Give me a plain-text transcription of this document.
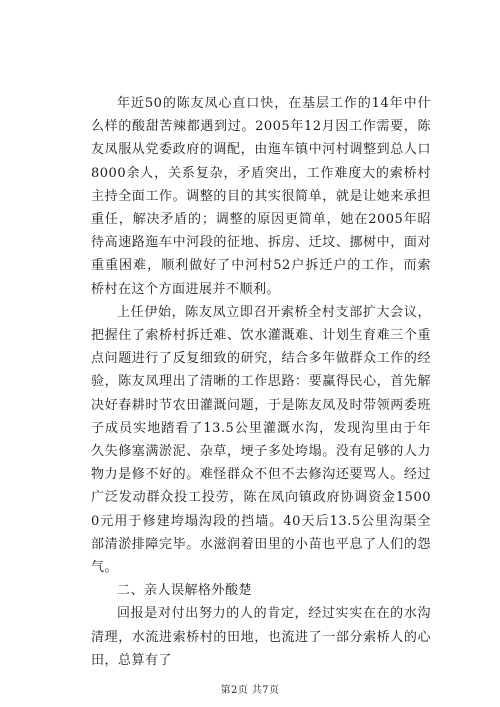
年近50的陈友凤心直口快，在基层工作的14年中什么样的酸甜苦辣都遇到过。2005年12月因工作需要，陈友凤服从党委政府的调配，由迤车镇中河村调整到总人口8000余人，关系复杂，矛盾突出，工作难度大的索桥村主持全面工作。调整的目的其实很简单，就是让她来承担重任，解决矛盾的；调整的原因更简单，她在2005年昭待高速路迤车中河段的征地、拆房、迁坟、挪树中，面对重重困难，顺利做好了中河村52户拆迁户的工作，而索桥村在这个方面进展并不顺利。

上任伊始，陈友凤立即召开索桥全村支部扩大会议，把握住了索桥村拆迁难、饮水灌溉难、计划生育难三个重点问题进行了反复细致的研究，结合多年做群众工作的经验，陈友凤理出了清晰的工作思路：要赢得民心，首先解决好春耕时节农田灌溉问题，于是陈友凤及时带领两委班子成员实地踏看了13.5公里灌溉水沟，发现沟里由于年久失修塞满淤泥、杂草，埂子多处垮塌。没有足够的人力物力是修不好的。难怪群众不但不去修沟还要骂人。经过广泛发动群众投工投劳，陈在凤向镇政府协调资金15000元用于修建垮塌沟段的挡墙。40天后13.5公里沟渠全部清淤排障完毕。水滋润着田里的小苗也平息了人们的怨气。

二、亲人误解格外酸楚

回报是对付出努力的人的肯定，经过实实在在的水沟清理，水流进索桥村的田地，也流进了一部分索桥人的心田，总算有了

第2页 共7页
